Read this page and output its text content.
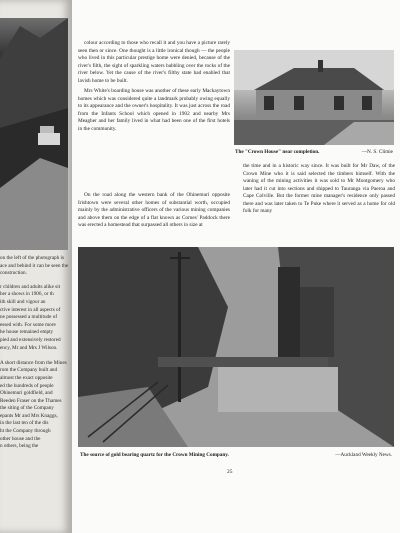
on the left of the photograph is
ace and behind it can be seen the
construction.
r children and adults alike sit
her a shows in 1906, or th
ith skill and vigour an
ctive interest in all aspects of
ne possessed a multitude of
essed with. For some more
he house remained empty
pied and extensively restored
ency, Mr and Mrs J Wilson.

A short distance from the Mines
rom the Company built and
almost the exact opposite
ed the hundreds of people
Ohinemuri goldfield, and
Reeden Fraser on the Thames
the siting of the Company
epants Mr and Mrs Knaggs,
in the last ten of the dis
ht the Company through
other house and the
n others, being the

colour according to those who recall it and you have a picture rarely seen then or since. One thought is a little ironical though — the people who lived in this particular prestige home were denied, because of the river's filth, the sight of sparkling waters babbling over the rocks of the river below. Yet the cause of the river's filthy state had enabled that lavish home to be built.

Mrs White's boarding house was another of these early Mackaytown homes which was considered quite a landmark probably owing equally to its appearance and the owner's hospitality. It was just across the road from the Infants School which opened in 1902 and nearby Mrs Meagher and her family lived in what had been one of the first hotels in the community.

On the road along the western bank of the Ohinemuri opposite Irishtown were several other homes of substantial worth, occupied mainly by the administrative officers of the various mining companies and above them on the edge of a flat known as Cornes' Paddock there was erected a homestead that surpassed all others in size at

The "Crown House" near completion.	—N. S. Climie

the time and in a historic way since. It was built for Mr Daw, of the Crown Mine who it is said selected the timbers himself. With the waning of the mining activities it was sold to Mr Montgomery who later had it cut into sections and shipped to Tauranga via Paeroa and Cape Colville. But the former mine manager's residence only passed there and was later taken to Te Puke where it served as a home for old folk for many

The source of gold bearing quartz for the Crown Mining Company.	—Auckland Weekly News.
25
